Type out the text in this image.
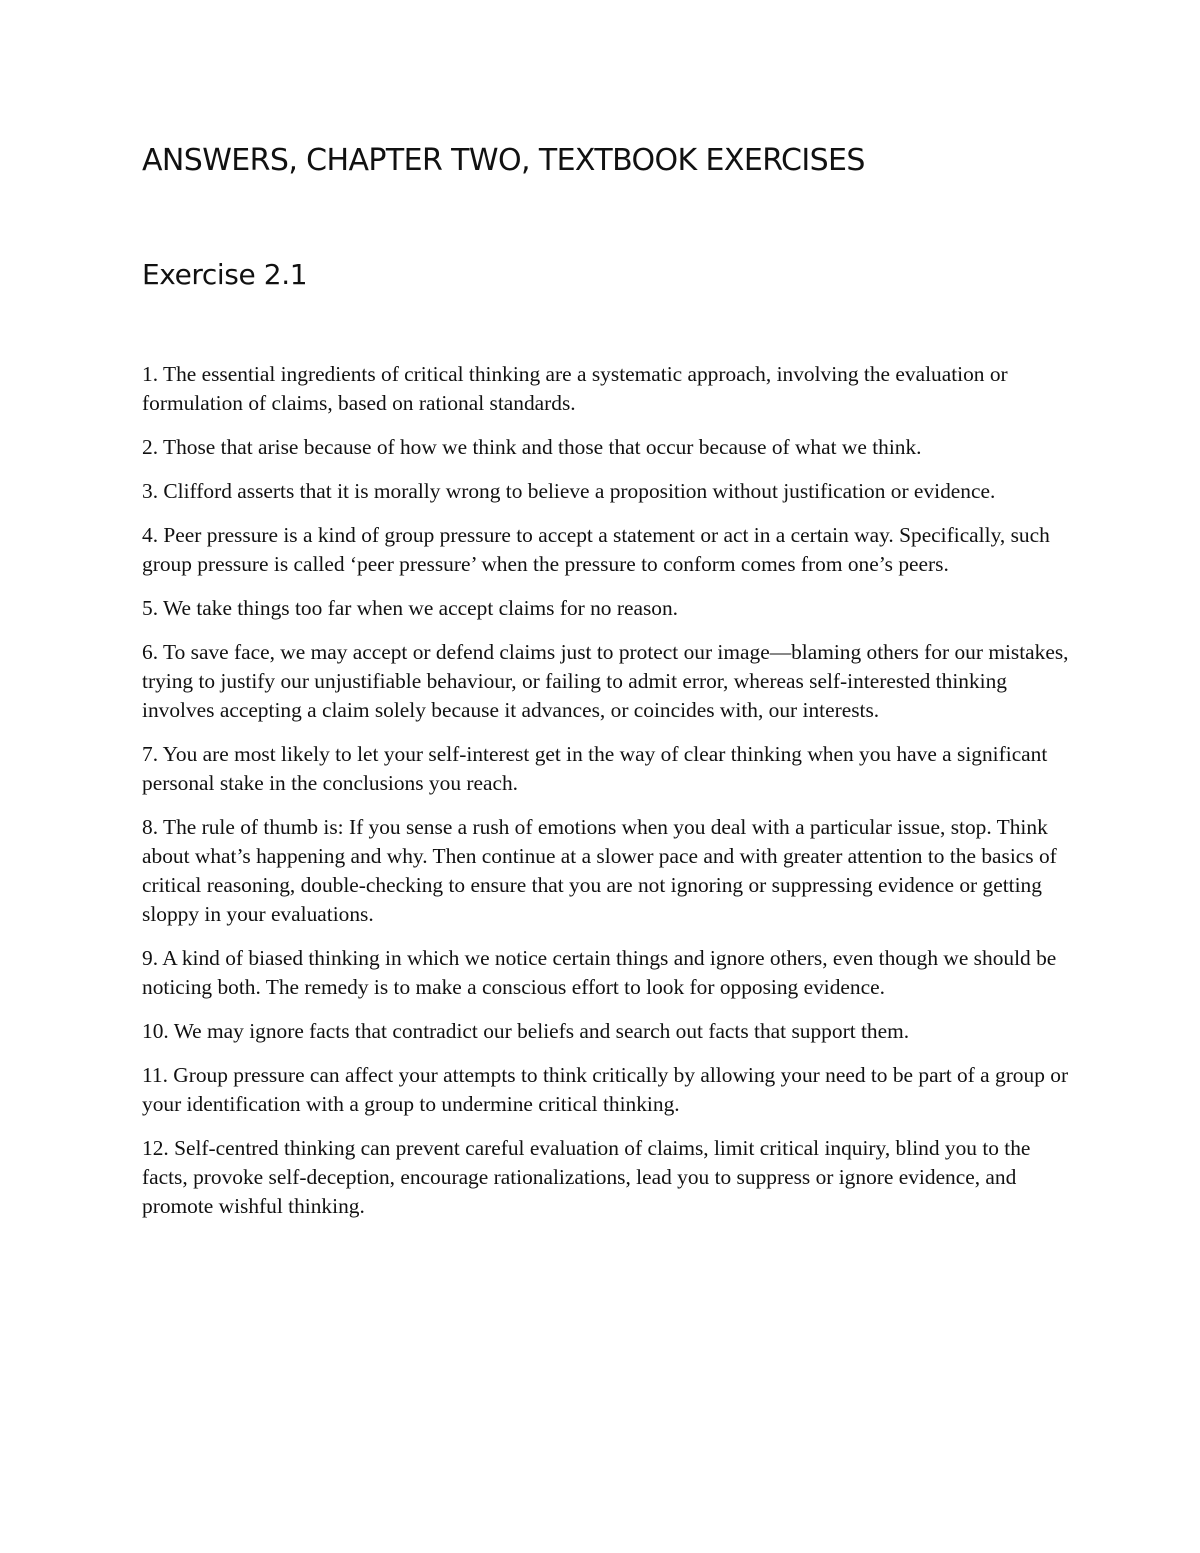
ANSWERS, CHAPTER TWO, TEXTBOOK EXERCISES
Exercise 2.1
1. The essential ingredients of critical thinking are a systematic approach, involving the evaluation or formulation of claims, based on rational standards.
2. Those that arise because of how we think and those that occur because of what we think.
3. Clifford asserts that it is morally wrong to believe a proposition without justification or evidence.
4. Peer pressure is a kind of group pressure to accept a statement or act in a certain way. Specifically, such group pressure is called ‘peer pressure’ when the pressure to conform comes from one’s peers.
5. We take things too far when we accept claims for no reason.
6. To save face, we may accept or defend claims just to protect our image—blaming others for our mistakes, trying to justify our unjustifiable behaviour, or failing to admit error, whereas self-interested thinking involves accepting a claim solely because it advances, or coincides with, our interests.
7. You are most likely to let your self-interest get in the way of clear thinking when you have a significant personal stake in the conclusions you reach.
8. The rule of thumb is: If you sense a rush of emotions when you deal with a particular issue, stop. Think about what’s happening and why. Then continue at a slower pace and with greater attention to the basics of critical reasoning, double-checking to ensure that you are not ignoring or suppressing evidence or getting sloppy in your evaluations.
9. A kind of biased thinking in which we notice certain things and ignore others, even though we should be noticing both. The remedy is to make a conscious effort to look for opposing evidence.
10. We may ignore facts that contradict our beliefs and search out facts that support them.
11. Group pressure can affect your attempts to think critically by allowing your need to be part of a group or your identification with a group to undermine critical thinking.
12. Self-centred thinking can prevent careful evaluation of claims, limit critical inquiry, blind you to the facts, provoke self-deception, encourage rationalizations, lead you to suppress or ignore evidence, and promote wishful thinking.
